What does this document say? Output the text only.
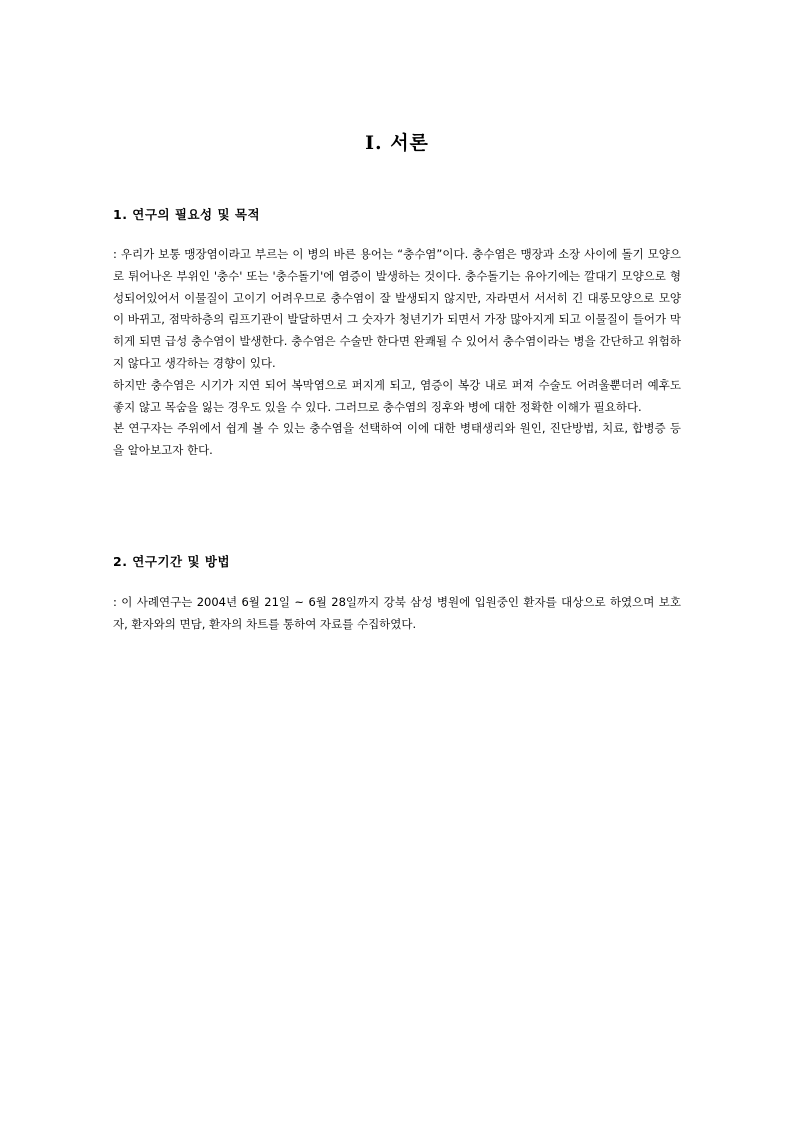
Ⅰ. 서론
1. 연구의 필요성 및 목적

: 우리가 보통 맹장염이라고 부르는 이 병의 바른 용어는 “충수염”이다. 충수염은 맹장과 소장 사이에 돌기 모양으로 튀어나온 부위인 '충수' 또는 '충수돌기'에 염증이 발생하는 것이다. 충수돌기는 유아기에는 깔대기 모양으로 형성되어있어서 이물질이 고이기 어려우므로 충수염이 잘 발생되지 않지만, 자라면서 서서히 긴 대롱모양으로 모양이 바뀌고, 점막하층의 림프기관이 발달하면서 그 숫자가 청년기가 되면서 가장 많아지게 되고 이물질이 들어가 막히게 되면 급성 충수염이 발생한다. 충수염은 수술만 한다면 완쾌될 수 있어서 충수염이라는 병을 간단하고 위험하지 않다고 생각하는 경향이 있다.

하지만 충수염은 시기가 지연 되어 복막염으로 퍼지게 되고, 염증이 복강 내로 퍼져 수술도 어려울뿐더러 예후도 좋지 않고 목숨을 잃는 경우도 있을 수 있다. 그러므로 충수염의 징후와 병에 대한 정확한 이해가 필요하다.

본 연구자는 주위에서 쉽게 볼 수 있는 충수염을 선택하여 이에 대한 병태생리와 원인, 진단방법, 치료, 합병증 등을 알아보고자 한다.

2. 연구기간 및 방법

: 이 사례연구는 2004년 6월 21일 ~ 6월 28일까지 강북 삼성 병원에 입원중인 환자를 대상으로 하였으며 보호자, 환자와의 면담, 환자의 차트를 통하여 자료를 수집하였다.
